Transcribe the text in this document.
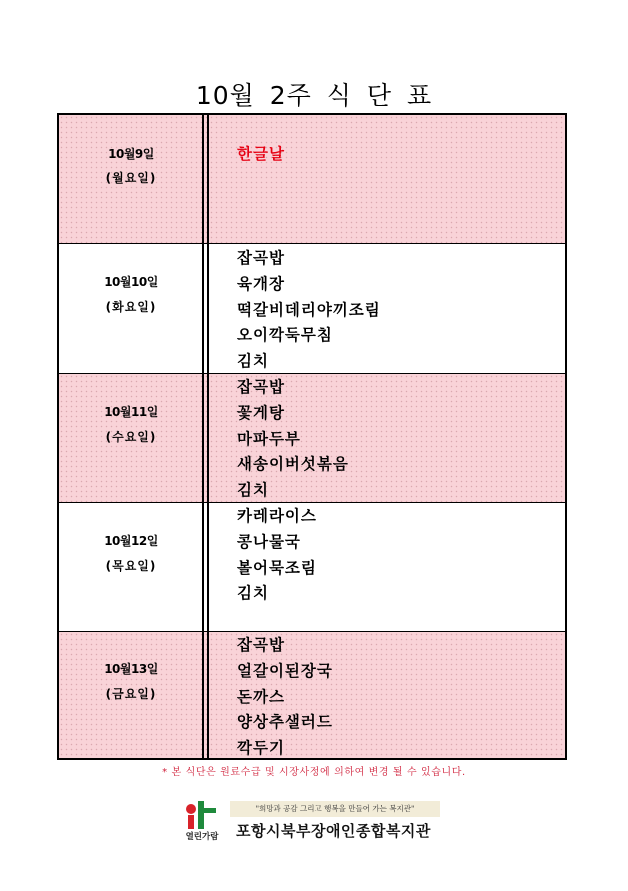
10월 2주 식 단 표
10월9일
(월요일)
한글날
10월10일
(화요일)
잡곡밥
육개장
떡갈비데리야끼조림
오이깍둑무침
김치
10월11일
(수요일)
잡곡밥
꽃게탕
마파두부
새송이버섯볶음
김치
10월12일
(목요일)
카레라이스
콩나물국
볼어묵조림
김치
10월13일
(금요일)
잡곡밥
얼갈이된장국
돈까스
양상추샐러드
깍두기
* 본 식단은 원료수급 및 시장사정에 의하여 변경 될 수 있습니다.
열린가람
"희망과 공감 그리고 행복을 만들어 가는 복지관"
포항시북부장애인종합복지관
